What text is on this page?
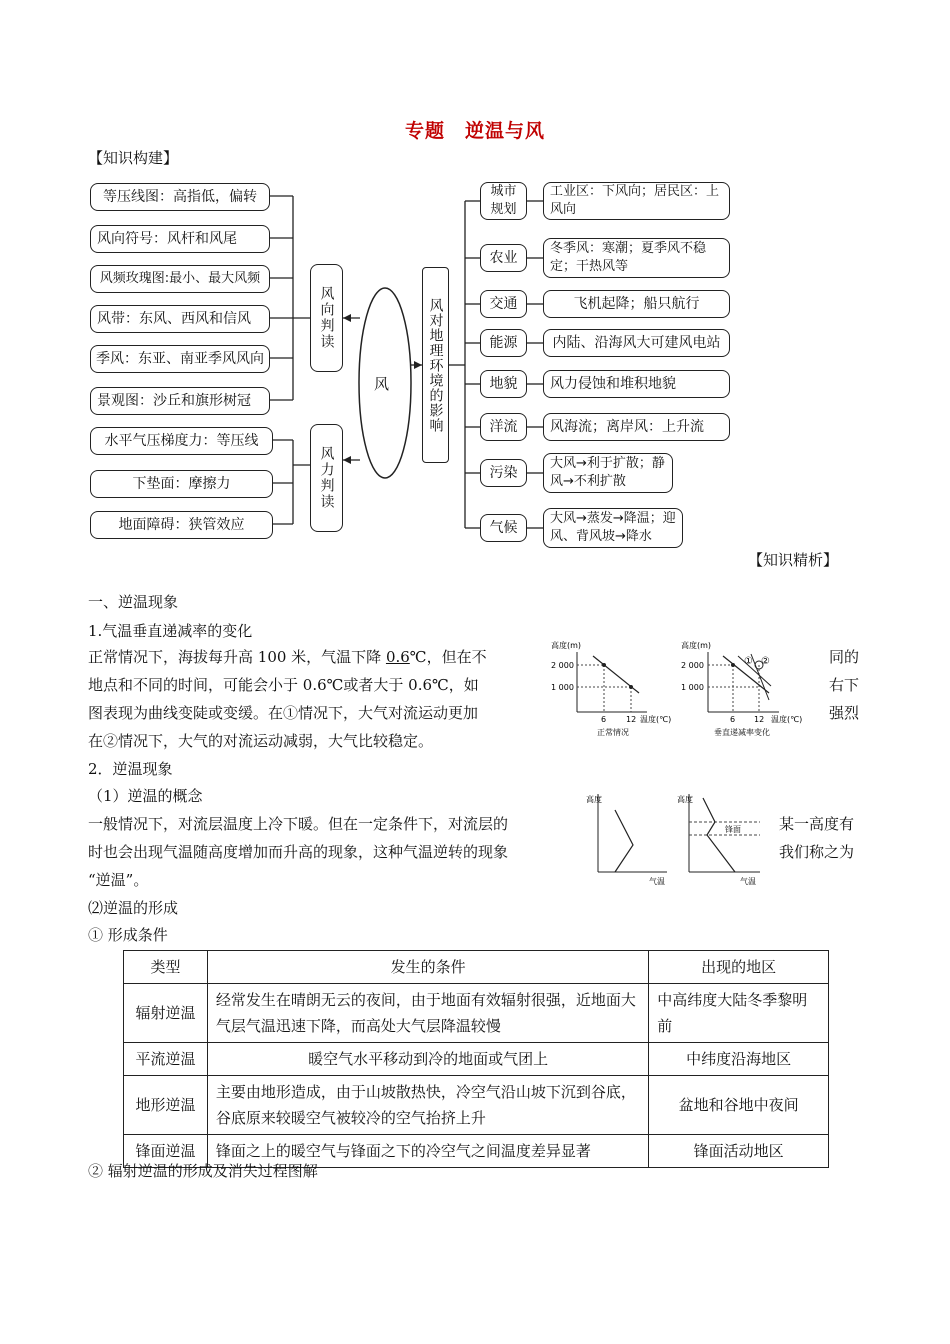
专题　逆温与风
【知识构建】
风
等压线图：高指低，偏转
风向符号：风杆和风尾
风频玫瑰图:最小、最大风频
风带：东风、西风和信风
季风：东亚、南亚季风风向
景观图：沙丘和旗形树冠
风向判读
水平气压梯度力：等压线
下垫面：摩擦力
地面障碍：狭管效应
风力判读
风对地理环境的影响
城市规划
工业区：下风向；居民区：上风向
农业
冬季风：寒潮；夏季风不稳定；干热风等
交通	飞机起降；船只航行
能源	内陆、沿海风大可建风电站
地貌	风力侵蚀和堆积地貌
洋流	风海流；离岸风：上升流
污染
大风→利于扩散；静风→不利扩散
气候
大风→蒸发→降温；迎风、背风坡→降水
【知识精析】
一、逆温现象
1.气温垂直递减率的变化
正常情况下，海拔每升高 100 米，气温下降 0.6℃，但在不
地点和不同的时间，可能会小于 0.6℃或者大于 0.6℃，如
图表现为曲线变陡或变缓。在①情况下，大气对流运动更加
在②情况下，大气的对流运动减弱，大气比较稳定。
同的
右下
强烈
高度(m)
2 000
1 000
6 12 温度(℃)
正常情况
高度(m)
②
①
2 000
1 000
6 12 温度(℃)
垂直递减率变化
2．逆温现象
（1）逆温的概念
一般情况下，对流层温度上冷下暖。但在一定条件下，对流层的
时也会出现气温随高度增加而升高的现象，这种气温逆转的现象
“逆温”。
某一高度有
我们称之为
高度
气温
高度
锋面
气温
⑵逆温的形成
① 形成条件
类型	发生的条件	出现的地区
辐射逆温	经常发生在晴朗无云的夜间，由于地面有效辐射很强，近地面大气层气温迅速下降，而高处大气层降温较慢	中高纬度大陆冬季黎明前
平流逆温	暖空气水平移动到冷的地面或气团上	中纬度沿海地区
地形逆温	主要由地形造成，由于山坡散热快，冷空气沿山坡下沉到谷底，谷底原来较暖空气被较冷的空气抬挤上升	盆地和谷地中夜间
锋面逆温	锋面之上的暖空气与锋面之下的冷空气之间温度差异显著	锋面活动地区
② 辐射逆温的形成及消失过程图解
